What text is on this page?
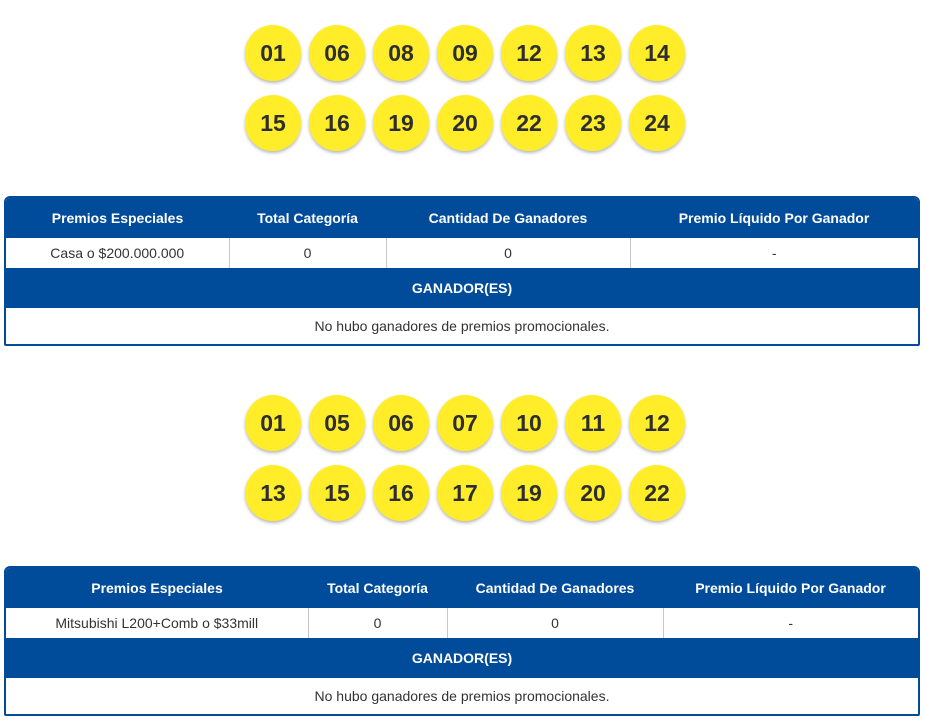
01	06	08	09	12	13	14
15	16	19	20	22	23	24
Premios Especiales	Total Categoría	Cantidad De Ganadores	Premio Líquido Por Ganador
Casa o $200.000.000	0	0	-
GANADOR(ES)
No hubo ganadores de premios promocionales.
01	05	06	07	10	11	12
13	15	16	17	19	20	22
Premios Especiales	Total Categoría	Cantidad De Ganadores	Premio Líquido Por Ganador
Mitsubishi L200+Comb o $33mill	0	0	-
GANADOR(ES)
No hubo ganadores de premios promocionales.
